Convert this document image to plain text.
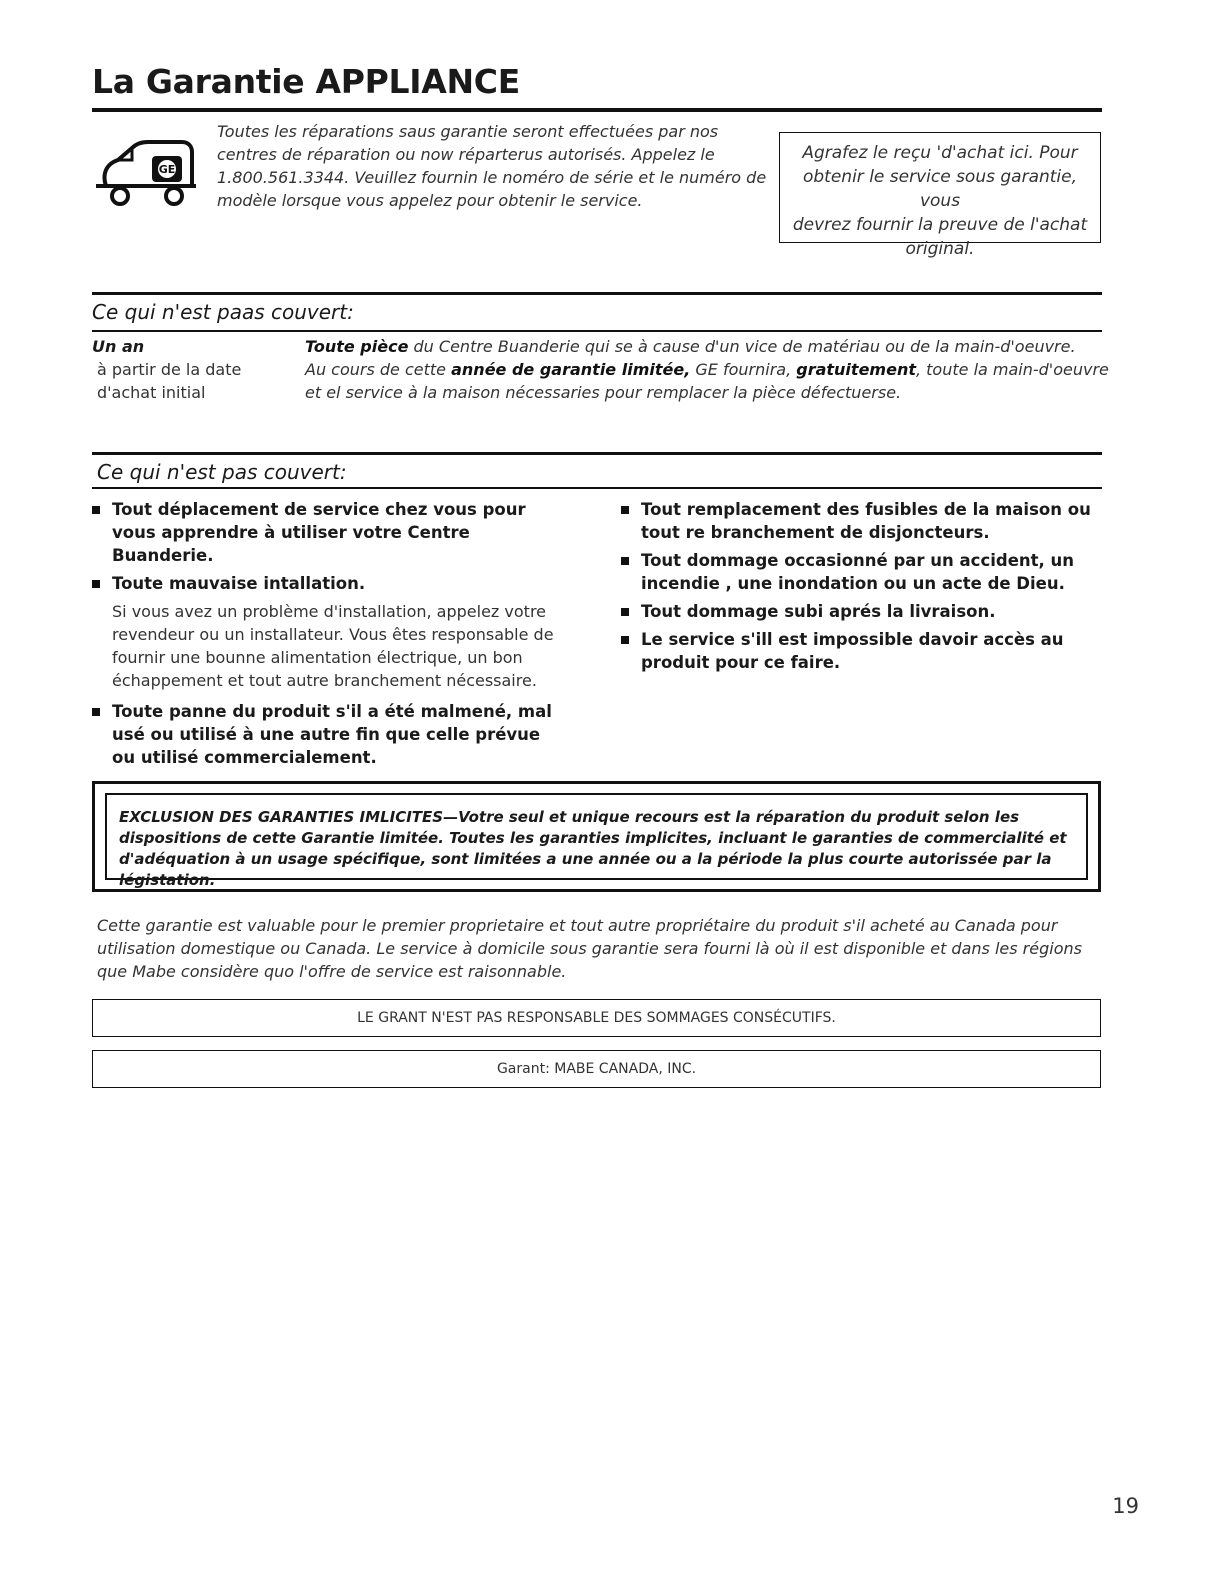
La Garantie APPLIANCE
GE
Toutes les réparations saus garantie seront effectuées par nos
centres de réparation ou now réparterus autorisés. Appelez le
1.800.561.3344. Veuillez fournin le noméro de série et le numéro de
modèle lorsque vous appelez pour obtenir le service.
Agrafez le reçu 'd'achat ici. Pour
obtenir le service sous garantie, vous
devrez fournir la preuve de l'achat
original.
Ce qui n'est paas couvert:
Un an
à partir de la date
d'achat initial
Toute pièce du Centre Buanderie qui se à cause d'un vice de matériau ou de la main-d'oeuvre.
Au cours de cette année de garantie limitée, GE fournira, gratuitement, toute la main-d'oeuvre
et el service à la maison nécessaries pour remplacer la pièce défectuerse.
Ce qui n'est pas couvert:
Tout déplacement de service chez vous pour vous apprendre à utiliser votre Centre Buanderie.
Toute mauvaise intallation.
Si vous avez un problème d'installation, appelez votre revendeur ou un installateur. Vous êtes responsable de fournir une bounne alimentation électrique, un bon échappement et tout autre branchement nécessaire.
Toute panne du produit s'il a été malmené, mal usé ou utilisé à une autre fin que celle prévue ou utilisé commercialement.
Tout remplacement des fusibles de la maison ou tout re branchement de disjoncteurs.
Tout dommage occasionné par un accident, un incendie , une inondation ou un acte de Dieu.
Tout dommage subi aprés la livraison.
Le service s'ill est impossible davoir accès au produit pour ce faire.
EXCLUSION DES GARANTIES IMLICITES—Votre seul et unique recours est la réparation du produit selon les dispositions de cette Garantie limitée. Toutes les garanties implicites, incluant le garanties de commercialité et d'adéquation à un usage spécifique, sont limitées a une année ou a la période la plus courte autorissée par la légistation.
Cette garantie est valuable pour le premier proprietaire et tout autre propriétaire du produit s'il acheté au Canada pour utilisation domestique ou Canada. Le service à domicile sous garantie sera fourni là où il est disponible et dans les régions que Mabe considère quo l'offre de service est raisonnable.
LE GRANT N'EST PAS RESPONSABLE DES SOMMAGES CONSÉCUTIFS.
Garant: MABE CANADA, INC.
19
